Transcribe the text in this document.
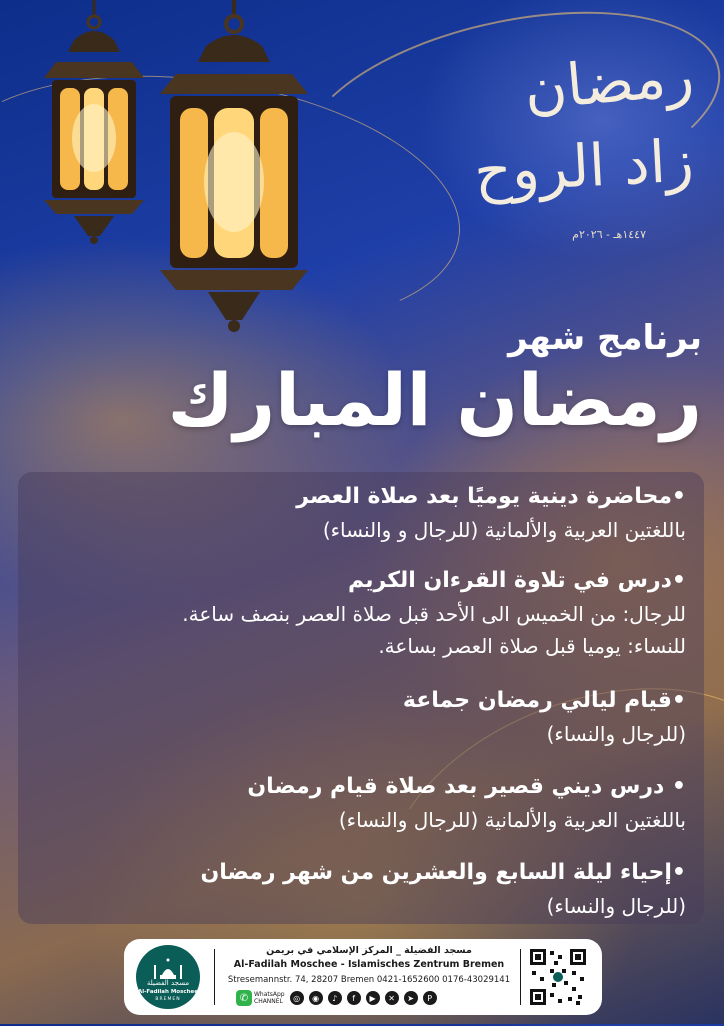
رمضان
زاد الروح
١٤٤٧هـ - ٢٠٢٦م
برنامج شهر
رمضان المبارك
•محاضرة دينية يوميًا بعد صلاة العصر
باللغتين العربية والألمانية (للرجال و والنساء)
•درس في تلاوة القرءان الكريم
للرجال: من الخميس الى الأحد قبل صلاة العصر بنصف ساعة.
للنساء: يوميا قبل صلاة العصر بساعة.
•قيام ليالي رمضان جماعة
(للرجال والنساء)
• درس ديني قصير بعد صلاة قيام رمضان
باللغتين العربية والألمانية (للرجال والنساء)
•إحياء ليلة السابع والعشرين من شهر رمضان
(للرجال والنساء)
مسجد الفضيلة
Al-Fadilah Moschee
BREMEN
مسجد الفضيلة _ المركز الإسلامي في بريمن
Al-Fadilah Moschee - Islamisches Zentrum Bremen
Stresemannstr. 74, 28207 Bremen 0421-1652600 0176-43029141
✆ WhatsApp
CHANNEL	◎	◉	♪	f	▶	✕	➤	P
